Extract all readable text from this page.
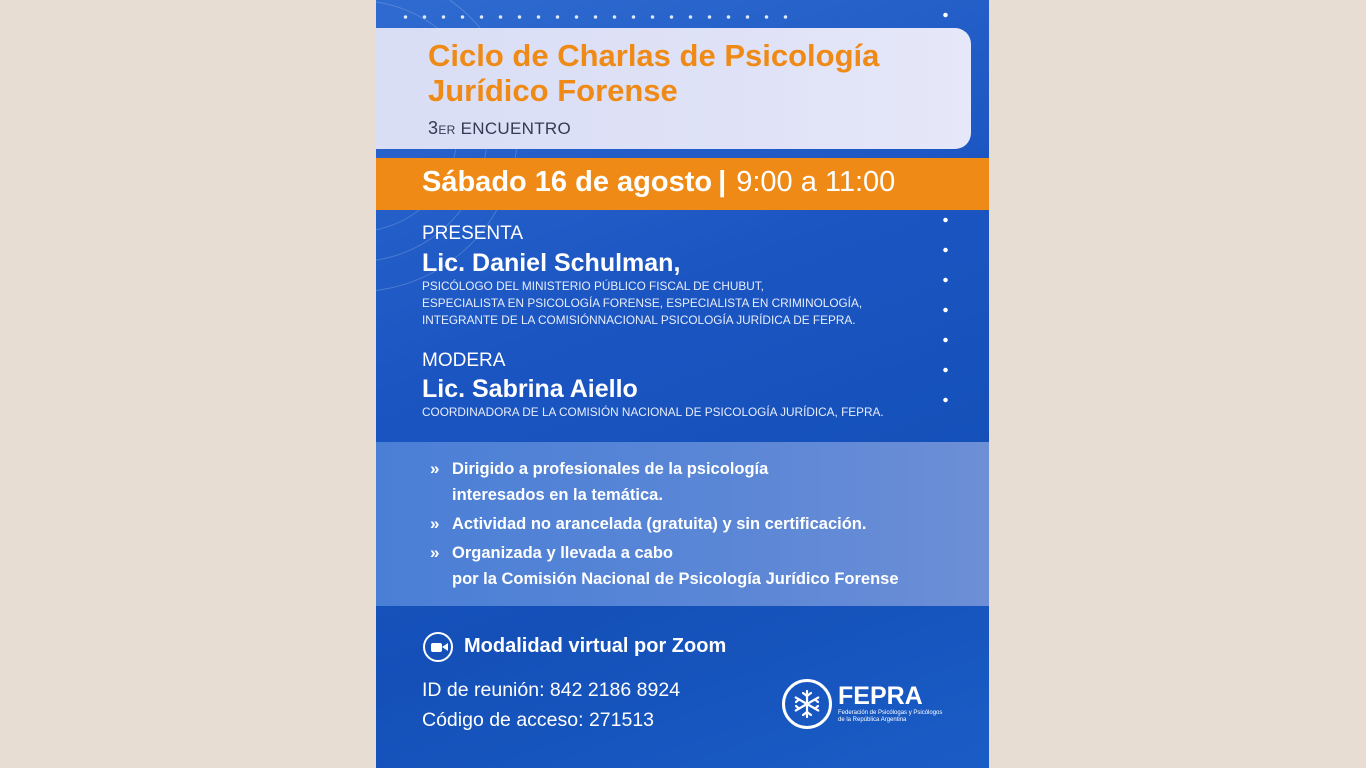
Ciclo de Charlas de Psicología
Jurídico Forense
3ER ENCUENTRO
Sábado 16 de agosto | 9:00 a 11:00
PRESENTA
Lic. Daniel Schulman,
PSICÓLOGO DEL MINISTERIO PÚBLICO FISCAL DE CHUBUT,
ESPECIALISTA EN PSICOLOGÍA FORENSE, ESPECIALISTA EN CRIMINOLOGÍA,
INTEGRANTE DE LA COMISIÓNNACIONAL PSICOLOGÍA JURÍDICA DE FEPRA.
MODERA
Lic. Sabrina Aiello
COORDINADORA DE LA COMISIÓN NACIONAL DE PSICOLOGÍA JURÍDICA, FEPRA.
» Dirigido a profesionales de la psicología
interesados en la temática.
» Actividad no arancelada (gratuita) y sin certificación.
» Organizada y llevada a cabo
por la Comisión Nacional de Psicología Jurídico Forense
Modalidad virtual por Zoom
ID de reunión: 842 2186 8924
Código de acceso: 271513
FEPRA
Federación de Psicólogas y Psicólogos
de la República Argentina
